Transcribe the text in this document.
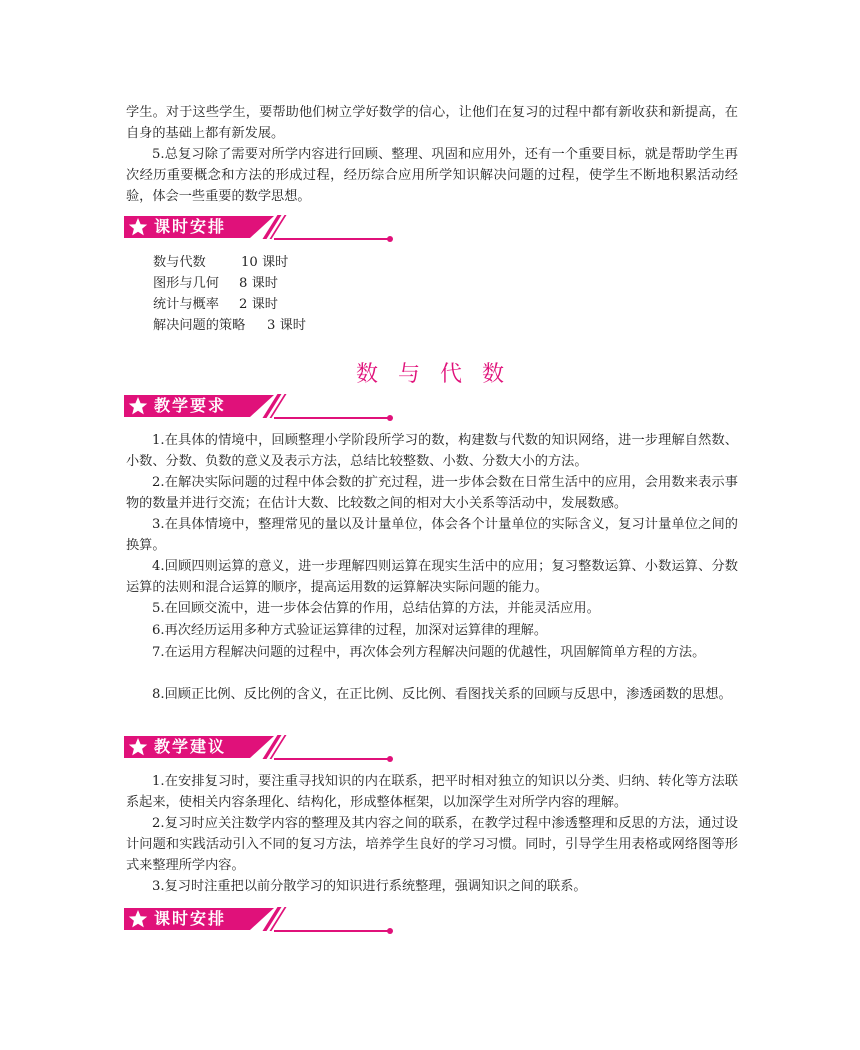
学生。对于这些学生，要帮助他们树立学好数学的信心，让他们在复习的过程中都有新收获和新提高，在自身的基础上都有新发展。

5.总复习除了需要对所学内容进行回顾、整理、巩固和应用外，还有一个重要目标，就是帮助学生再次经历重要概念和方法的形成过程，经历综合应用所学知识解决问题的过程，使学生不断地积累活动经验，体会一些重要的数学思想。

课时安排
数与代数	10 课时
图形与几何 8 课时
统计与概率 2 课时
解决问题的策略 3 课时
数与代数
教学要求

1.在具体的情境中，回顾整理小学阶段所学习的数，构建数与代数的知识网络，进一步理解自然数、小数、分数、负数的意义及表示方法，总结比较整数、小数、分数大小的方法。

2.在解决实际问题的过程中体会数的扩充过程，进一步体会数在日常生活中的应用，会用数来表示事物的数量并进行交流；在估计大数、比较数之间的相对大小关系等活动中，发展数感。

3.在具体情境中，整理常见的量以及计量单位，体会各个计量单位的实际含义，复习计量单位之间的换算。

4.回顾四则运算的意义，进一步理解四则运算在现实生活中的应用；复习整数运算、小数运算、分数运算的法则和混合运算的顺序，提高运用数的运算解决实际问题的能力。

5.在回顾交流中，进一步体会估算的作用，总结估算的方法，并能灵活应用。

6.再次经历运用多种方式验证运算律的过程，加深对运算律的理解。

7.在运用方程解决问题的过程中，再次体会列方程解决问题的优越性，巩固解简单方程的方法。

8.回顾正比例、反比例的含义，在正比例、反比例、看图找关系的回顾与反思中，渗透函数的思想。

教学建议

1.在安排复习时，要注重寻找知识的内在联系，把平时相对独立的知识以分类、归纳、转化等方法联系起来，使相关内容条理化、结构化，形成整体框架，以加深学生对所学内容的理解。

2.复习时应关注数学内容的整理及其内容之间的联系，在教学过程中渗透整理和反思的方法，通过设计问题和实践活动引入不同的复习方法，培养学生良好的学习习惯。同时，引导学生用表格或网络图等形式来整理所学内容。

3.复习时注重把以前分散学习的知识进行系统整理，强调知识之间的联系。

课时安排
